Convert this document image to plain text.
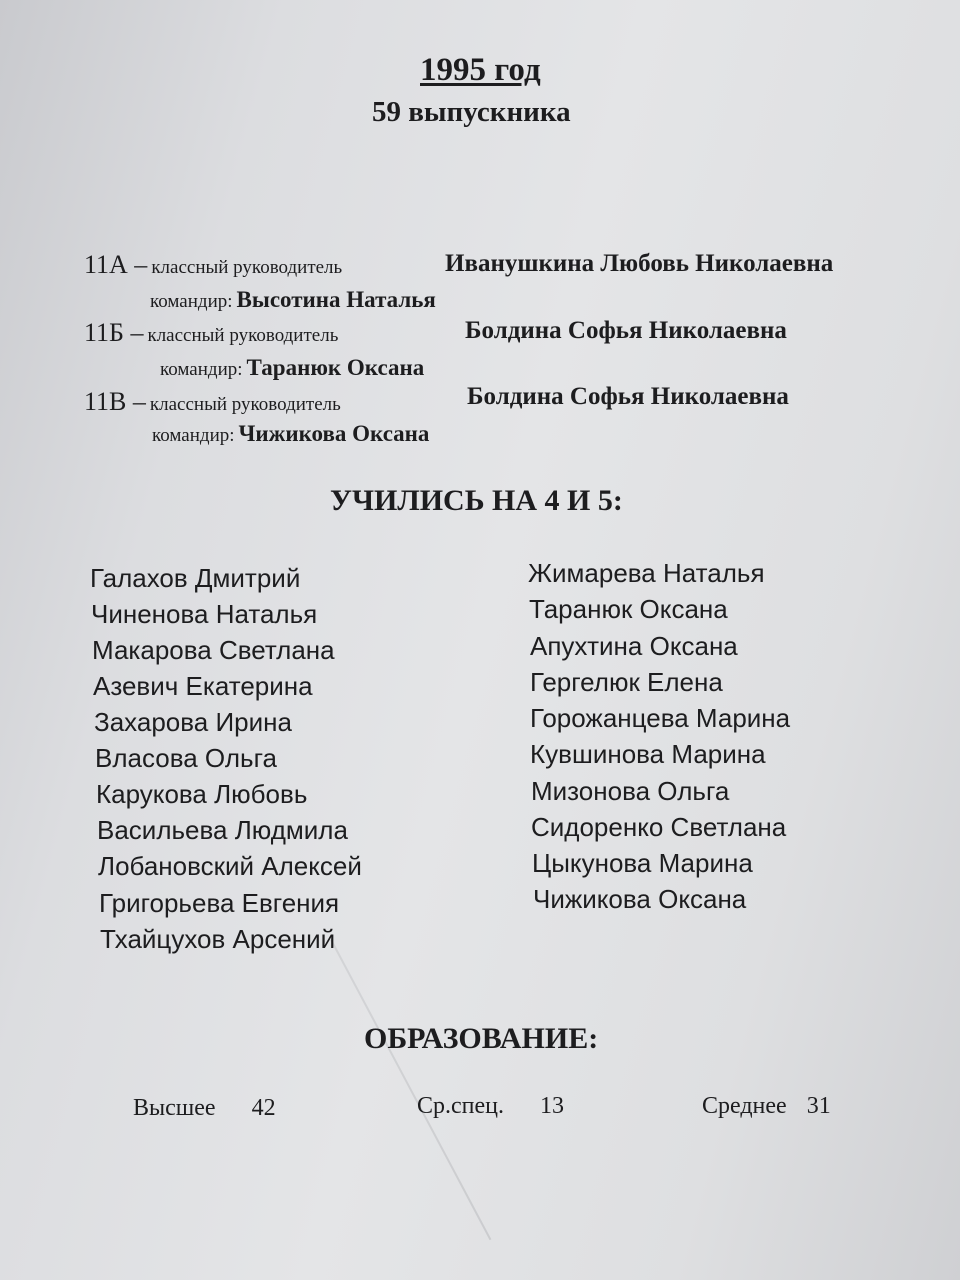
1995 год
59 выпускника
11А – классный руководитель	Иванушкина Любовь Николаевна
командир: Высотина Наталья
11Б – классный руководитель	Болдина Софья Николаевна
командир: Таранюк Оксана
11В – классный руководитель	Болдина Софья Николаевна
командир: Чижикова Оксана
УЧИЛИСЬ НА 4 И 5:
Галахов Дмитрий
Чиненова Наталья
Макарова Светлана
Азевич Екатерина
Захарова Ирина
Власова Ольга
Карукова Любовь
Васильева Людмила
Лобановский Алексей
Григорьева Евгения
Тхайцухов Арсений
Жимарева Наталья
Таранюк Оксана
Апухтина Оксана
Гергелюк Елена
Горожанцева Марина
Кувшинова Марина
Мизонова Ольга
Сидоренко Светлана
Цыкунова Марина
Чижикова Оксана
ОБРАЗОВАНИЕ:
Высшее 42	Ср.спец. 13	Среднее 31
